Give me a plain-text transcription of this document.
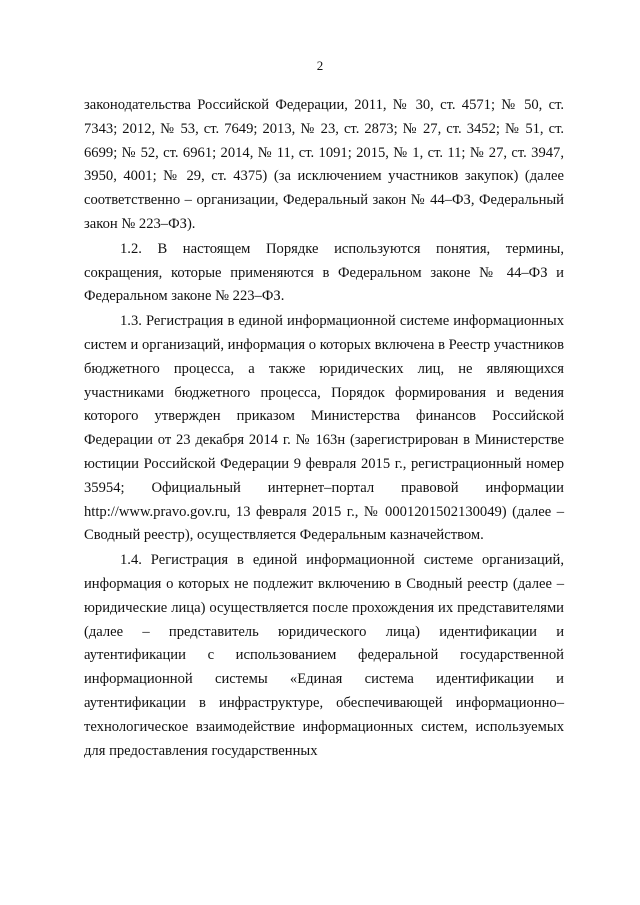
2

законодательства Российской Федерации, 2011, № 30, ст. 4571; № 50, ст. 7343; 2012, № 53, ст. 7649; 2013, № 23, ст. 2873; № 27, ст. 3452; № 51, ст. 6699; № 52, ст. 6961; 2014, № 11, ст. 1091; 2015, № 1, ст. 11; № 27, ст. 3947, 3950, 4001; № 29, ст. 4375) (за исключением участников закупок) (далее соответственно – организации, Федеральный закон № 44–ФЗ, Федеральный закон № 223–ФЗ).

1.2. В настоящем Порядке используются понятия, термины, сокращения, которые применяются в Федеральном законе № 44–ФЗ и Федеральном законе № 223–ФЗ.

1.3. Регистрация в единой информационной системе информационных систем и организаций, информация о которых включена в Реестр участников бюджетного процесса, а также юридических лиц, не являющихся участниками бюджетного процесса, Порядок формирования и ведения которого утвержден приказом Министерства финансов Российской Федерации от 23 декабря 2014 г. № 163н (зарегистрирован в Министерстве юстиции Российской Федерации 9 февраля 2015 г., регистрационный номер 35954; Официальный интернет–портал правовой информации http://www.pravo.gov.ru, 13 февраля 2015 г., № 0001201502130049) (далее – Сводный реестр), осуществляется Федеральным казначейством.

1.4. Регистрация в единой информационной системе организаций, информация о которых не подлежит включению в Сводный реестр (далее – юридические лица) осуществляется после прохождения их представителями (далее – представитель юридического лица) идентификации и аутентификации с использованием федеральной государственной информационной системы «Единая система идентификации и аутентификации в инфраструктуре, обеспечивающей информационно–технологическое взаимодействие информационных систем, используемых для предоставления государственных
